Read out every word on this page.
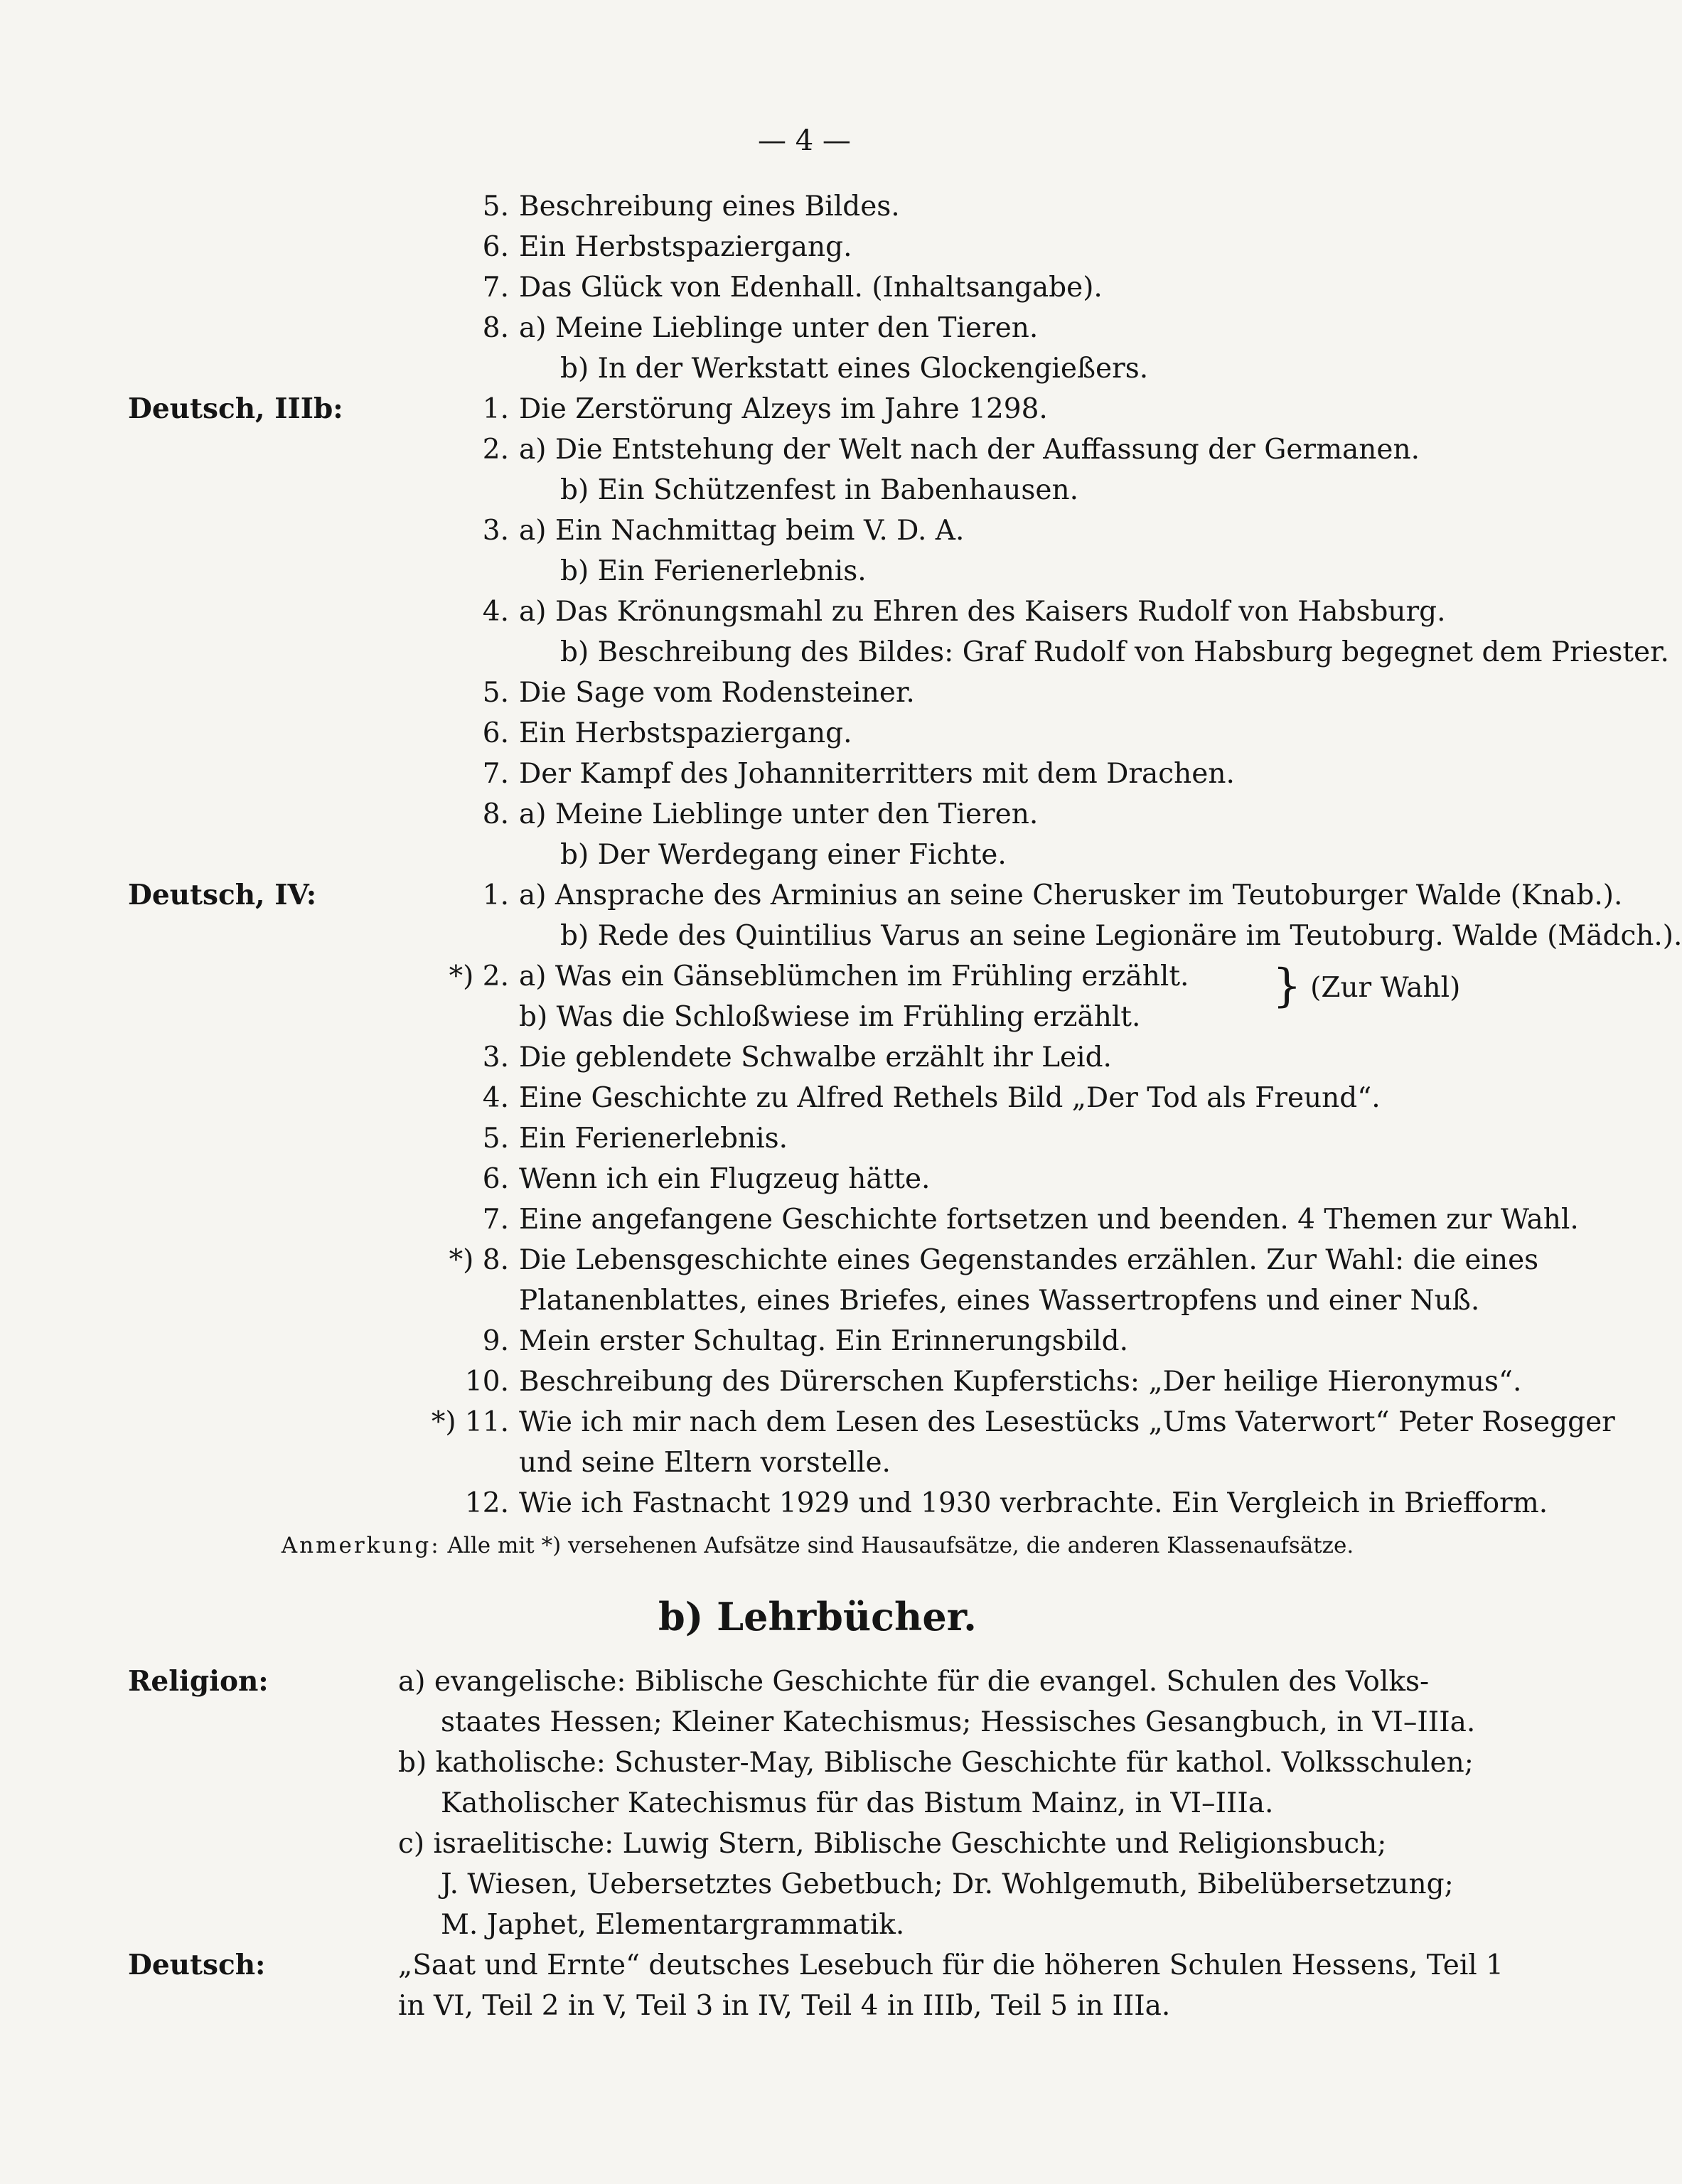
— 4 —
5. Beschreibung eines Bildes.
6. Ein Herbstspaziergang.
7. Das Glück von Edenhall. (Inhaltsangabe).
8. a) Meine Lieblinge unter den Tieren.
b) In der Werkstatt eines Glockengießers.
Deutsch, IIIb:	1. Die Zerstörung Alzeys im Jahre 1298.
2. a) Die Entstehung der Welt nach der Auffassung der Germanen.
b) Ein Schützenfest in Babenhausen.
3. a) Ein Nachmittag beim V. D. A.
b) Ein Ferienerlebnis.
4. a) Das Krönungsmahl zu Ehren des Kaisers Rudolf von Habsburg.
b) Beschreibung des Bildes: Graf Rudolf von Habsburg begegnet dem Priester.
5. Die Sage vom Rodensteiner.
6. Ein Herbstspaziergang.
7. Der Kampf des Johanniterritters mit dem Drachen.
8. a) Meine Lieblinge unter den Tieren.
b) Der Werdegang einer Fichte.
Deutsch, IV:	1. a) Ansprache des Arminius an seine Cherusker im Teutoburger Walde (Knab.).
b) Rede des Quintilius Varus an seine Legionäre im Teutoburg. Walde (Mädch.).
*) 2. a) Was ein Gänseblümchen im Frühling erzählt.
b) Was die Schloßwiese im Frühling erzählt.
} (Zur Wahl)
3. Die geblendete Schwalbe erzählt ihr Leid.
4. Eine Geschichte zu Alfred Rethels Bild „Der Tod als Freund“.
5. Ein Ferienerlebnis.
6. Wenn ich ein Flugzeug hätte.
7. Eine angefangene Geschichte fortsetzen und beenden. 4 Themen zur Wahl.
*) 8. Die Lebensgeschichte eines Gegenstandes erzählen. Zur Wahl: die eines
Platanenblattes, eines Briefes, eines Wassertropfens und einer Nuß.
9. Mein erster Schultag. Ein Erinnerungsbild.
10. Beschreibung des Dürerschen Kupferstichs: „Der heilige Hieronymus“.
*) 11. Wie ich mir nach dem Lesen des Lesestücks „Ums Vaterwort“ Peter Rosegger
und seine Eltern vorstelle.
12. Wie ich Fastnacht 1929 und 1930 verbrachte. Ein Vergleich in Briefform.
Anmerkung: Alle mit *) versehenen Aufsätze sind Hausaufsätze, die anderen Klassenaufsätze.
b) Lehrbücher.
Religion:	a) evangelische: Biblische Geschichte für die evangel. Schulen des Volks-
staates Hessen; Kleiner Katechismus; Hessisches Gesangbuch, in VI–IIIa.
b) katholische: Schuster-May, Biblische Geschichte für kathol. Volksschulen;
Katholischer Katechismus für das Bistum Mainz, in VI–IIIa.
c) israelitische: Luwig Stern, Biblische Geschichte und Religionsbuch;
J. Wiesen, Uebersetztes Gebetbuch; Dr. Wohlgemuth, Bibelübersetzung;
M. Japhet, Elementargrammatik.
Deutsch:	„Saat und Ernte“ deutsches Lesebuch für die höheren Schulen Hessens, Teil 1
in VI, Teil 2 in V, Teil 3 in IV, Teil 4 in IIIb, Teil 5 in IIIa.
